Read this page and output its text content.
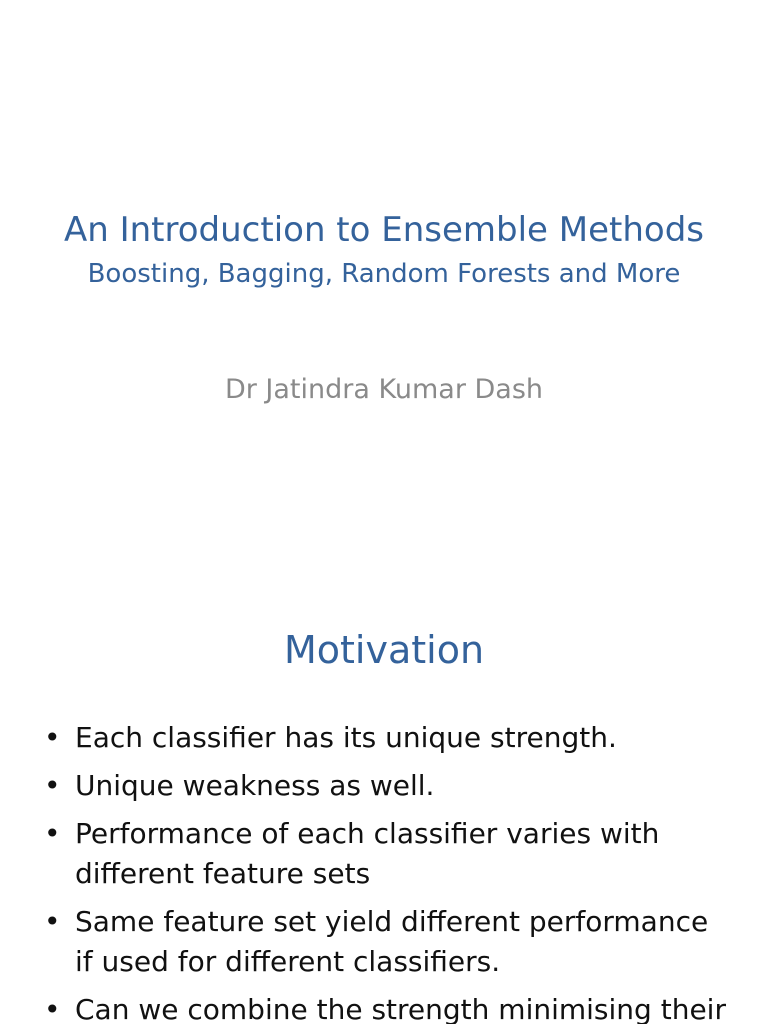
An Introduction to Ensemble Methods
Boosting, Bagging, Random Forests and More
Dr Jatindra Kumar Dash
Motivation
• Each classifier has its unique strength.
• Unique weakness as well.
• Performance of each classifier varies with different feature sets
• Same feature set yield different performance if used for different classifiers.
• Can we combine the strength minimising their
